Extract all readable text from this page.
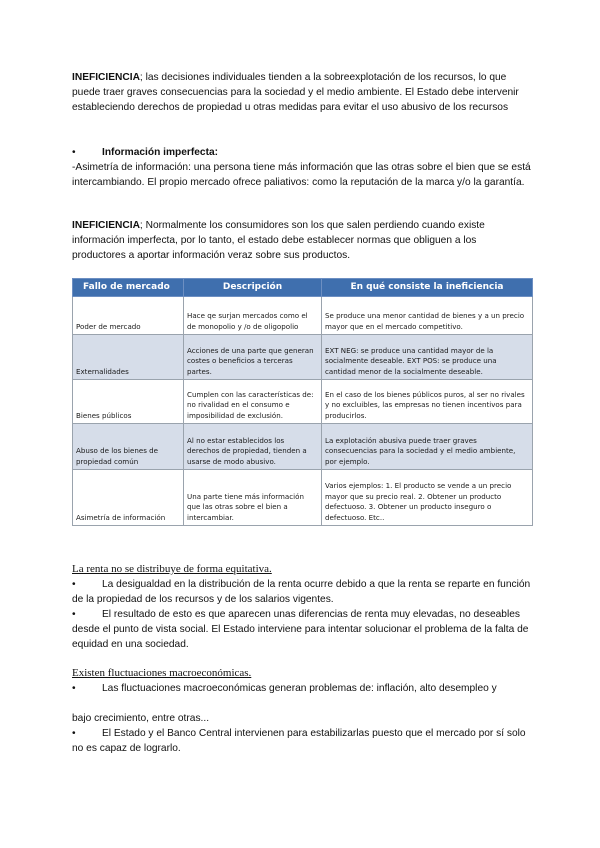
INEFICIENCIA; las decisiones individuales tienden a la sobreexplotación de los recursos, lo que puede traer graves consecuencias para la sociedad y el medio ambiente. El Estado debe intervenir estableciendo derechos de propiedad u otras medidas para evitar el uso abusivo de los recursos

•	Información imperfecta:

-Asimetría de información: una persona tiene más información que las otras sobre el bien que se está intercambiando. El propio mercado ofrece paliativos: como la reputación de la marca y/o la garantía.

INEFICIENCIA; Normalmente los consumidores son los que salen perdiendo cuando existe información imperfecta, por lo tanto, el estado debe establecer normas que obliguen a los productores a aportar información veraz sobre sus productos.

Fallo de mercado	Descripción	En qué consiste la ineficiencia
Poder de mercado	Hace qe surjan mercados como el de monopolio y /o de oligopolio	Se produce una menor cantidad de bienes y a un precio mayor que en el mercado competitivo.
Externalidades	Acciones de una parte que generan costes o beneficios a terceras partes.	EXT NEG: se produce una cantidad mayor de la socialmente deseable. EXT POS: se produce una cantidad menor de la socialmente deseable.
Bienes públicos	Cumplen con las características de: no rivalidad en el consumo e imposibilidad de exclusión.	En el caso de los bienes públicos puros, al ser no rivales y no excluibles, las empresas no tienen incentivos para producirlos.
Abuso de los bienes de propiedad común	Al no estar establecidos los derechos de propiedad, tienden a usarse de modo abusivo.	La explotación abusiva puede traer graves consecuencias para la sociedad y el medio ambiente, por ejemplo.
Asimetría de información	Una parte tiene más información que las otras sobre el bien a intercambiar.	Varios ejemplos: 1. El producto se vende a un precio mayor que su precio real. 2. Obtener un producto defectuoso. 3. Obtener un producto inseguro o defectuoso. Etc..
La renta no se distribuye de forma equitativa.
•	La desigualdad en la distribución de la renta ocurre debido a que la renta se reparte en función de la propiedad de los recursos y de los salarios vigentes.
•	El resultado de esto es que aparecen unas diferencias de renta muy elevadas, no deseables desde el punto de vista social. El Estado interviene para intentar solucionar el problema de la falta de equidad en una sociedad.
Existen fluctuaciones macroeconómicas.
•	Las fluctuaciones macroeconómicas generan problemas de: inflación, alto desempleo y
bajo crecimiento, entre otras...
•	El Estado y el Banco Central intervienen para estabilizarlas puesto que el mercado por sí solo no es capaz de lograrlo.
